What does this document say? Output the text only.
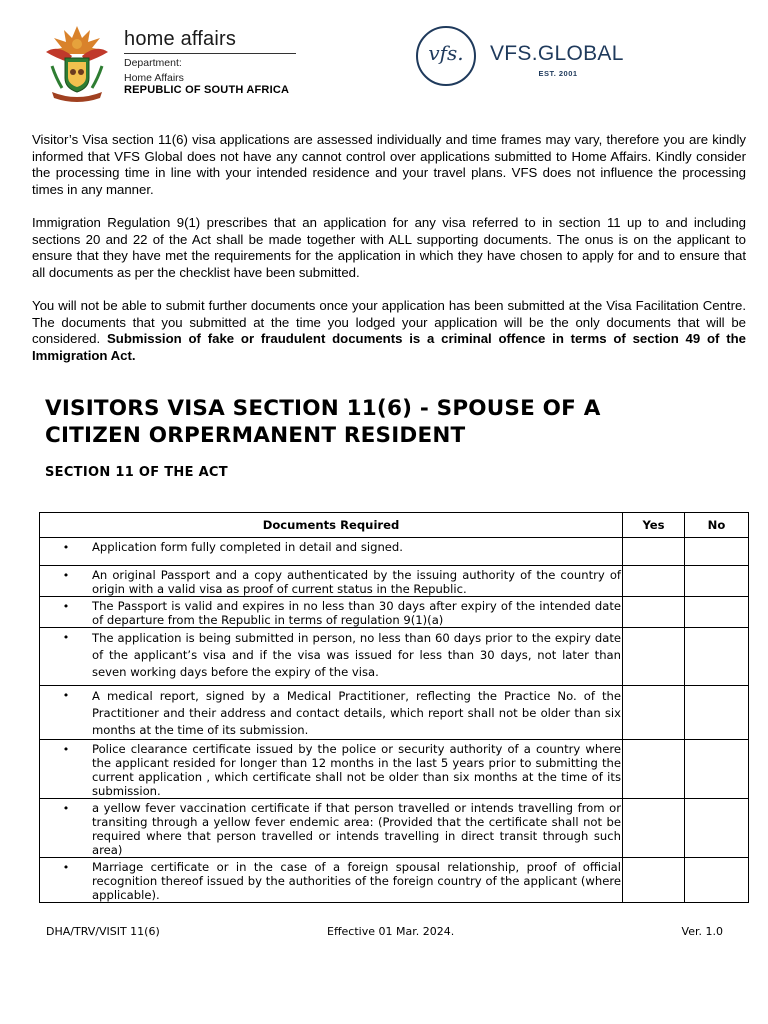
home affairs
Department:
Home Affairs
REPUBLIC OF SOUTH AFRICA
vfs.	VFS.GLOBAL
EST. 2001

Visitor’s Visa section 11(6) visa applications are assessed individually and time frames may vary, therefore you are kindly informed that VFS Global does not have any cannot control over applications submitted to Home Affairs. Kindly consider the processing time in line with your intended residence and your travel plans. VFS does not influence the processing times in any manner.

Immigration Regulation 9(1) prescribes that an application for any visa referred to in section 11 up to and including sections 20 and 22 of the Act shall be made together with ALL supporting documents. The onus is on the applicant to ensure that they have met the requirements for the application in which they have chosen to apply for and to ensure that all documents as per the checklist have been submitted.

You will not be able to submit further documents once your application has been submitted at the Visa Facilitation Centre. The documents that you submitted at the time you lodged your application will be the only documents that will be considered. Submission of fake or fraudulent documents is a criminal offence in terms of section 49 of the Immigration Act.

VISITORS VISA SECTION 11(6) - SPOUSE OF A
CITIZEN ORPERMANENT RESIDENT
SECTION 11 OF THE ACT
Documents Required	Yes	No

• Application form fully completed in detail and signed.		

• An original Passport and a copy authenticated by the issuing authority of the country of origin with a valid visa as proof of current status in the Republic.		

• The Passport is valid and expires in no less than 30 days after expiry of the intended date of departure from the Republic in terms of regulation 9(1)(a)		

• The application is being submitted in person, no less than 60 days prior to the expiry date of the applicant’s visa and if the visa was issued for less than 30 days, not later than seven working days before the expiry of the visa.		

• A medical report, signed by a Medical Practitioner, reflecting the Practice No. of the Practitioner and their address and contact details, which report shall not be older than six months at the time of its submission.		

• Police clearance certificate issued by the police or security authority of a country where the applicant resided for longer than 12 months in the last 5 years prior to submitting the current application , which certificate shall not be older than six months at the time of its submission.		

• a yellow fever vaccination certificate if that person travelled or intends travelling from or transiting through a yellow fever endemic area: (Provided that the certificate shall not be required where that person travelled or intends travelling in direct transit through such area)		

• Marriage certificate or in the case of a foreign spousal relationship, proof of official recognition thereof issued by the authorities of the foreign country of the applicant (where applicable).		

DHA/TRV/VISIT 11(6)	Effective 01 Mar. 2024.	Ver. 1.0
